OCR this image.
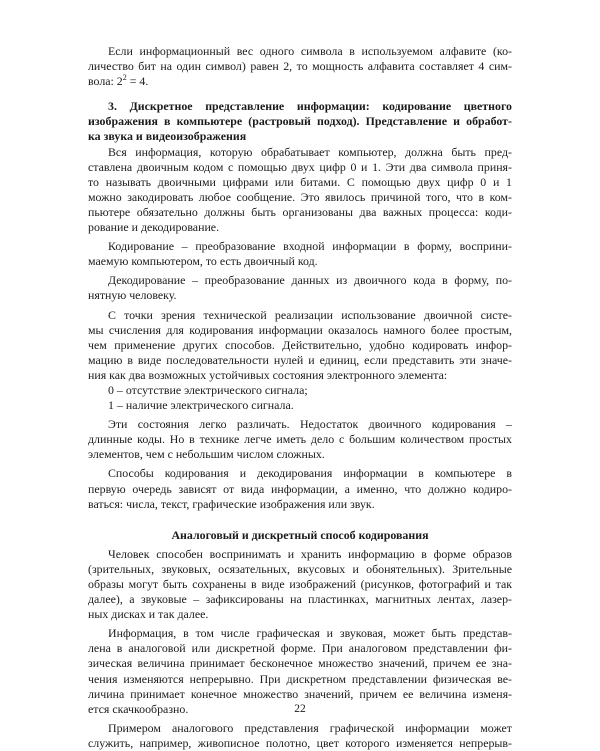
Если информационный вес одного символа в используемом алфавите (ко-
личество бит на один символ) равен 2, то мощность алфавита составляет 4 сим-
вола: $2^2 = 4$.
3. Дискретное представление информации: кодирование цветного
изображения в компьютере (растровый подход). Представление и обработ-
ка звука и видеоизображения
Вся информация, которую обрабатывает компьютер, должна быть пред-
ставлена двоичным кодом с помощью двух цифр 0 и 1. Эти два символа приня-
то называть двоичными цифрами или битами. С помощью двух цифр 0 и 1
можно закодировать любое сообщение. Это явилось причиной того, что в ком-
пьютере обязательно должны быть организованы два важных процесса: коди-
рование и декодирование.
Кодирование – преобразование входной информации в форму, восприни-
маемую компьютером, то есть двоичный код.
Декодирование – преобразование данных из двоичного кода в форму, по-
нятную человеку.
С точки зрения технической реализации использование двоичной систе-
мы счисления для кодирования информации оказалось намного более простым,
чем применение других способов. Действительно, удобно кодировать инфор-
мацию в виде последовательности нулей и единиц, если представить эти значе-
ния как два возможных устойчивых состояния электронного элемента:
0 – отсутствие электрического сигнала;
1 – наличие электрического сигнала.
Эти состояния легко различать. Недостаток двоичного кодирования –
длинные коды. Но в технике легче иметь дело с большим количеством простых
элементов, чем с небольшим числом сложных.
Способы кодирования и декодирования информации в компьютере в
первую очередь зависят от вида информации, а именно, что должно кодиро-
ваться: числа, текст, графические изображения или звук.
Аналоговый и дискретный способ кодирования
Человек способен воспринимать и хранить информацию в форме образов
(зрительных, звуковых, осязательных, вкусовых и обонятельных). Зрительные
образы могут быть сохранены в виде изображений (рисунков, фотографий и так
далее), а звуковые – зафиксированы на пластинках, магнитных лентах, лазер-
ных дисках и так далее.
Информация, в том числе графическая и звуковая, может быть представ-
лена в аналоговой или дискретной форме. При аналоговом представлении фи-
зическая величина принимает бесконечное множество значений, причем ее зна-
чения изменяются непрерывно. При дискретном представлении физическая ве-
личина принимает конечное множество значений, причем ее величина изменя-
ется скачкообразно.
Примером аналогового представления графической информации может
служить, например, живописное полотно, цвет которого изменяется непрерыв-
22
